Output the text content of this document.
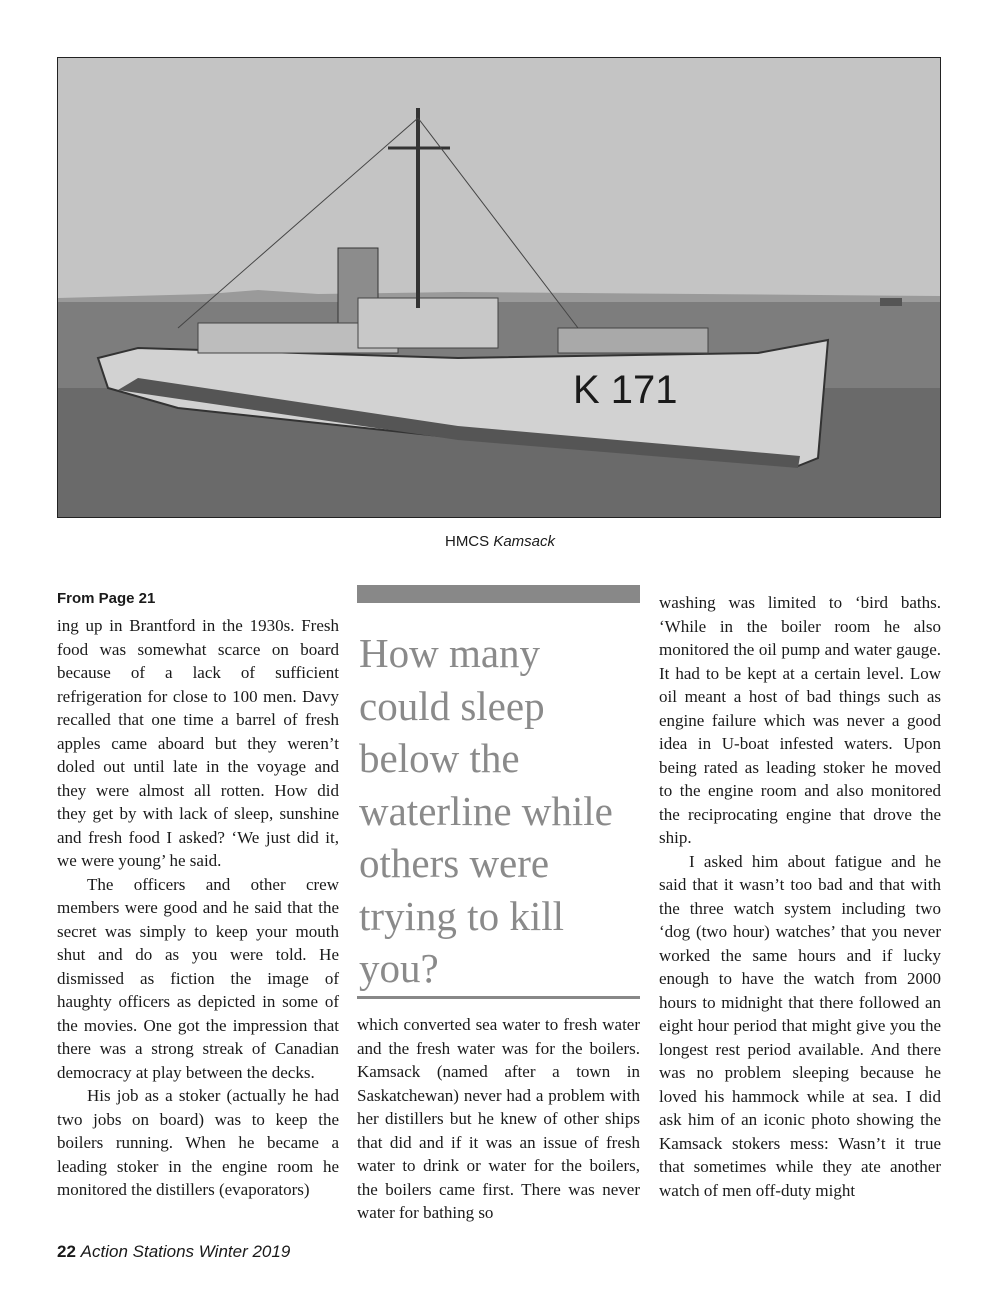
K 171
HMCS Kamsack
From Page 21

ing up in Brantford in the 1930s. Fresh food was somewhat scarce on board because of a lack of sufficient refrigeration for close to 100 men. Davy recalled that one time a barrel of fresh apples came aboard but they weren’t doled out until late in the voyage and they were almost all rotten. How did they get by with lack of sleep, sunshine and fresh food I asked? ‘We just did it, we were young’ he said.

The officers and other crew members were good and he said that the secret was simply to keep your mouth shut and do as you were told. He dismissed as fiction the image of haughty officers as depicted in some of the movies. One got the impression that there was a strong streak of Canadian democracy at play between the decks.

His job as a stoker (actually he had two jobs on board) was to keep the boilers running. When he became a leading stoker in the engine room he monitored the distillers (evaporators)

How many could sleep below the waterline while others were trying to kill you?

which converted sea water to fresh water and the fresh water was for the boilers. Kamsack (named after a town in Saskatchewan) never had a problem with her distillers but he knew of other ships that did and if it was an issue of fresh water to drink or water for the boilers, the boilers came first. There was never water for bathing so

washing was limited to ‘bird baths. ‘While in the boiler room he also monitored the oil pump and water gauge. It had to be kept at a certain level. Low oil meant a host of bad things such as engine failure which was never a good idea in U-boat infested waters. Upon being rated as leading stoker he moved to the engine room and also monitored the reciprocating engine that drove the ship.

I asked him about fatigue and he said that it wasn’t too bad and that with the three watch system including two ‘dog (two hour) watches’ that you never worked the same hours and if lucky enough to have the watch from 2000 hours to midnight that there followed an eight hour period that might give you the longest rest period available. And there was no problem sleeping because he loved his hammock while at sea. I did ask him of an iconic photo showing the Kamsack stokers mess: Wasn’t it true that sometimes while they ate another watch of men off-duty might

22 Action Stations Winter 2019
